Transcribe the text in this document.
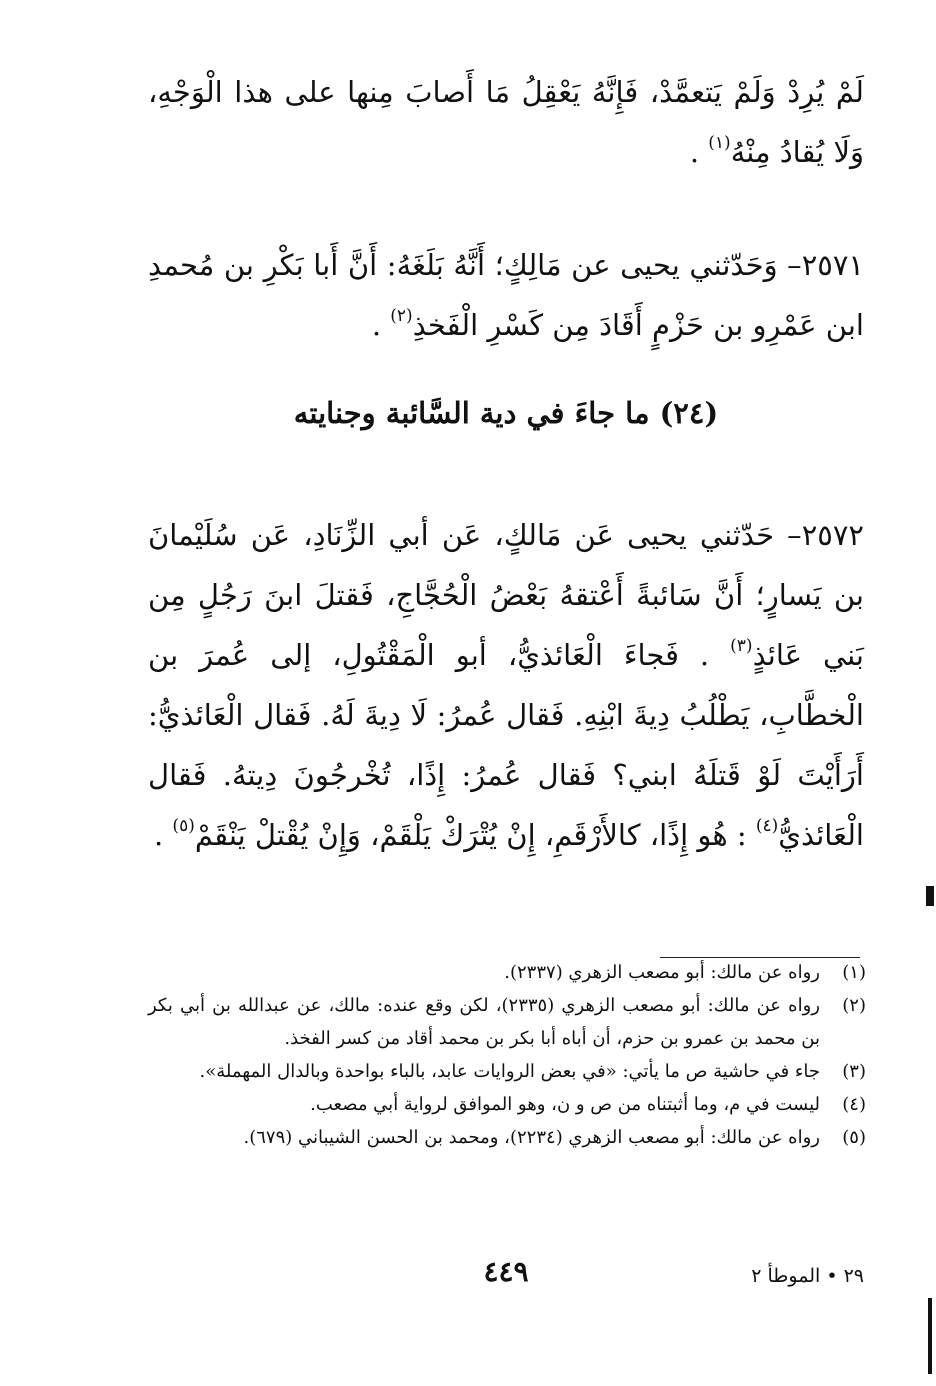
لَمْ يُرِدْ وَلَمْ يَتعمَّدْ، فَإِنَّهُ يَعْقِلُ مَا أَصابَ مِنها على هذا الْوَجْهِ، وَلَا يُقادُ مِنْهُ$^{(١)}$ .

٢٥٧١– وَحَدّثني يحيى عن مَالِكٍ؛ أَنَّهُ بَلَغَهُ: أَنَّ أَبا بَكْرِ بن مُحمدِ ابن عَمْرِو بن حَزْمٍ أَقَادَ مِن كَسْرِ الْفَخذِ$^{(٢)}$ .

(٢٤) ما جاءَ في دية السَّائبة وجنايته

٢٥٧٢– حَدّثني يحيى عَن مَالكٍ، عَن أبي الزِّنَادِ، عَن سُلَيْمانَ بن يَسارٍ؛ أَنَّ سَائبةً أَعْتقهُ بَعْضُ الْحُجَّاجِ، فَقتلَ ابنَ رَجُلٍ مِن بَني عَائذٍ$^{(٣)}$ . فَجاءَ الْعَائذيُّ، أبو الْمَقْتُولِ، إلى عُمرَ بن الْخطَّابِ، يَطْلُبُ دِيةَ ابْنِهِ. فَقال عُمرُ: لَا دِيةَ لَهُ. فَقال الْعَائذيُّ: أَرَأَيْتَ لَوْ قَتلَهُ ابني؟ فَقال عُمرُ: إِذًا، تُخْرجُونَ دِيتهُ. فَقال الْعَائذيُّ$^{(٤)}$ : هُو إِذًا، كالأَرْقَمِ، إِنْ يُتْرَكْ يَلْقَمْ، وَإِنْ يُقْتلْ يَنْقَمْ$^{(٥)}$ .

(١)
رواه عن مالك: أبو مصعب الزهري (٢٣٣٧).
(٢)
رواه عن مالك: أبو مصعب الزهري (٢٣٣٥)، لكن وقع عنده: مالك، عن عبدالله بن أبي بكر بن محمد بن عمرو بن حزم، أن أباه أبا بكر بن محمد أقاد من كسر الفخذ.
(٣)
جاء في حاشية ص ما يأتي: «في بعض الروايات عابد، بالباء بواحدة وبالدال المهملة».
(٤)
ليست في م، وما أثبتناه من ص و ن، وهو الموافق لرواية أبي مصعب.
(٥)
رواه عن مالك: أبو مصعب الزهري (٢٢٣٤)، ومحمد بن الحسن الشيباني (٦٧٩).
٢٩ • الموطأ ٢
٤٤٩
